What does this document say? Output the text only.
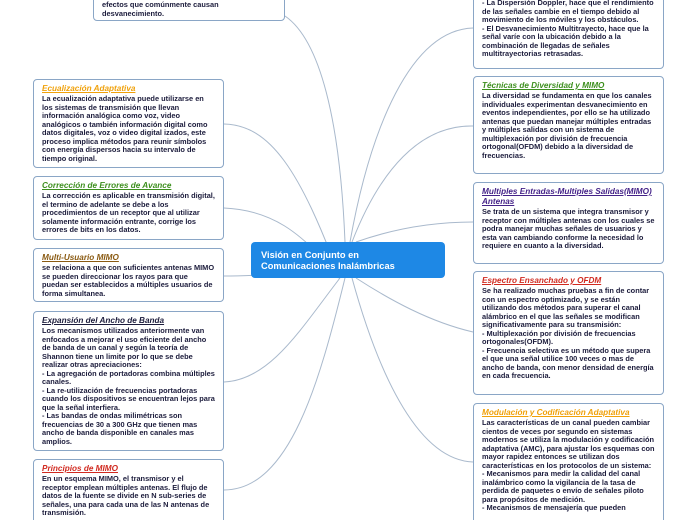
efectos que comúnmente causan desvanecimiento.
Ecualización Adaptativa
La ecualización adaptativa puede utilizarse en los sistemas de transmisión que llevan información analógica como voz, video analógicos o también información digital como datos digitales, voz o video digital izados, este proceso implica métodos para reunir símbolos con energía dispersos hacia su intervalo de tiempo original.
Corrección de Errores de Avance
La corrección es aplicable en transmisión digital, el termino de adelante se debe a los procedimientos de un receptor que al utilizar solamente información entrante, corrige los errores de bits en los datos.
Multi-Usuario MIMO
se relaciona a que con suficientes antenas MIMO se pueden direccionar los rayos para que puedan ser establecidos a múltiples usuarios de forma simultanea.
Expansión del Ancho de Banda
Los mecanismos utilizados anteriormente van enfocados a mejorar el uso eficiente del ancho de banda de un canal y según la teoría de Shannon tiene un limite por lo que se debe realizar otras apreciaciones:
- La agregación de portadoras combina múltiples canales.
- La re-utilización de frecuencias portadoras cuando los dispositivos se encuentran lejos para que la señal interfiera.
- Las bandas de ondas milimétricas son frecuencias de 30 a 300 GHz que tienen mas ancho de banda disponible en canales mas amplios.
Principios de MIMO
En un esquema MIMO, el transmisor y el receptor emplean múltiples antenas. El flujo de datos de la fuente se divide en N sub-series de señales, una para cada una de las N antenas de transmisión.
Visión en Conjunto en Comunicaciones Inalámbricas
- La Dispersión Doppler, hace que el rendimiento de las señales cambie en el tiempo debido al movimiento de los móviles y los obstáculos.
- El Desvanecimiento Multitrayecto, hace que la señal varíe con la ubicación debido a la combinación de llegadas de señales multitrayectorias retrasadas.
Técnicas de Diversidad y MIMO
La diversidad se fundamenta en que los canales individuales experimentan desvanecimiento en eventos independientes, por ello se ha utilizado antenas que puedan manejar múltiples entradas y múltiples salidas con un sistema de multiplexación por división de frecuencia ortogonal(OFDM) debido a la diversidad de frecuencias.
Multiples Entradas-Multiples Salidas(MIMO) Antenas
Se trata de un sistema que integra transmisor y receptor con múltiples antenas con los cuales se podra manejar muchas señales de usuarios y esta van cambiando conforme la necesidad lo requiere en cuanto a la diversidad.
Espectro Ensanchado y OFDM
Se ha realizado muchas pruebas a fin de contar con un espectro optimizado, y se están utilizando dos métodos para superar el canal alámbrico en el que las señales se modifican significativamente para su transmisión:
- Multiplexación por división de frecuencias ortogonales(OFDM).
- Frecuencia selectiva es un método que supera el que una señal utilice 100 veces o mas de ancho de banda, con menor densidad de energía en cada frecuencia.
Modulación y Codificación Adaptativa
Las características de un canal pueden cambiar cientos de veces por segundo en sistemas modernos se utiliza la modulación y codificación adaptativa (AMC), para ajustar los esquemas con mayor rapidez entonces se utilizan dos características en los protocolos de un sistema:
- Mecanismos para medir la calidad del canal inalámbrico como la vigilancia de la tasa de perdida de paquetes o envío de señales piloto para propósitos de medición.
- Mecanismos de mensajería que pueden
